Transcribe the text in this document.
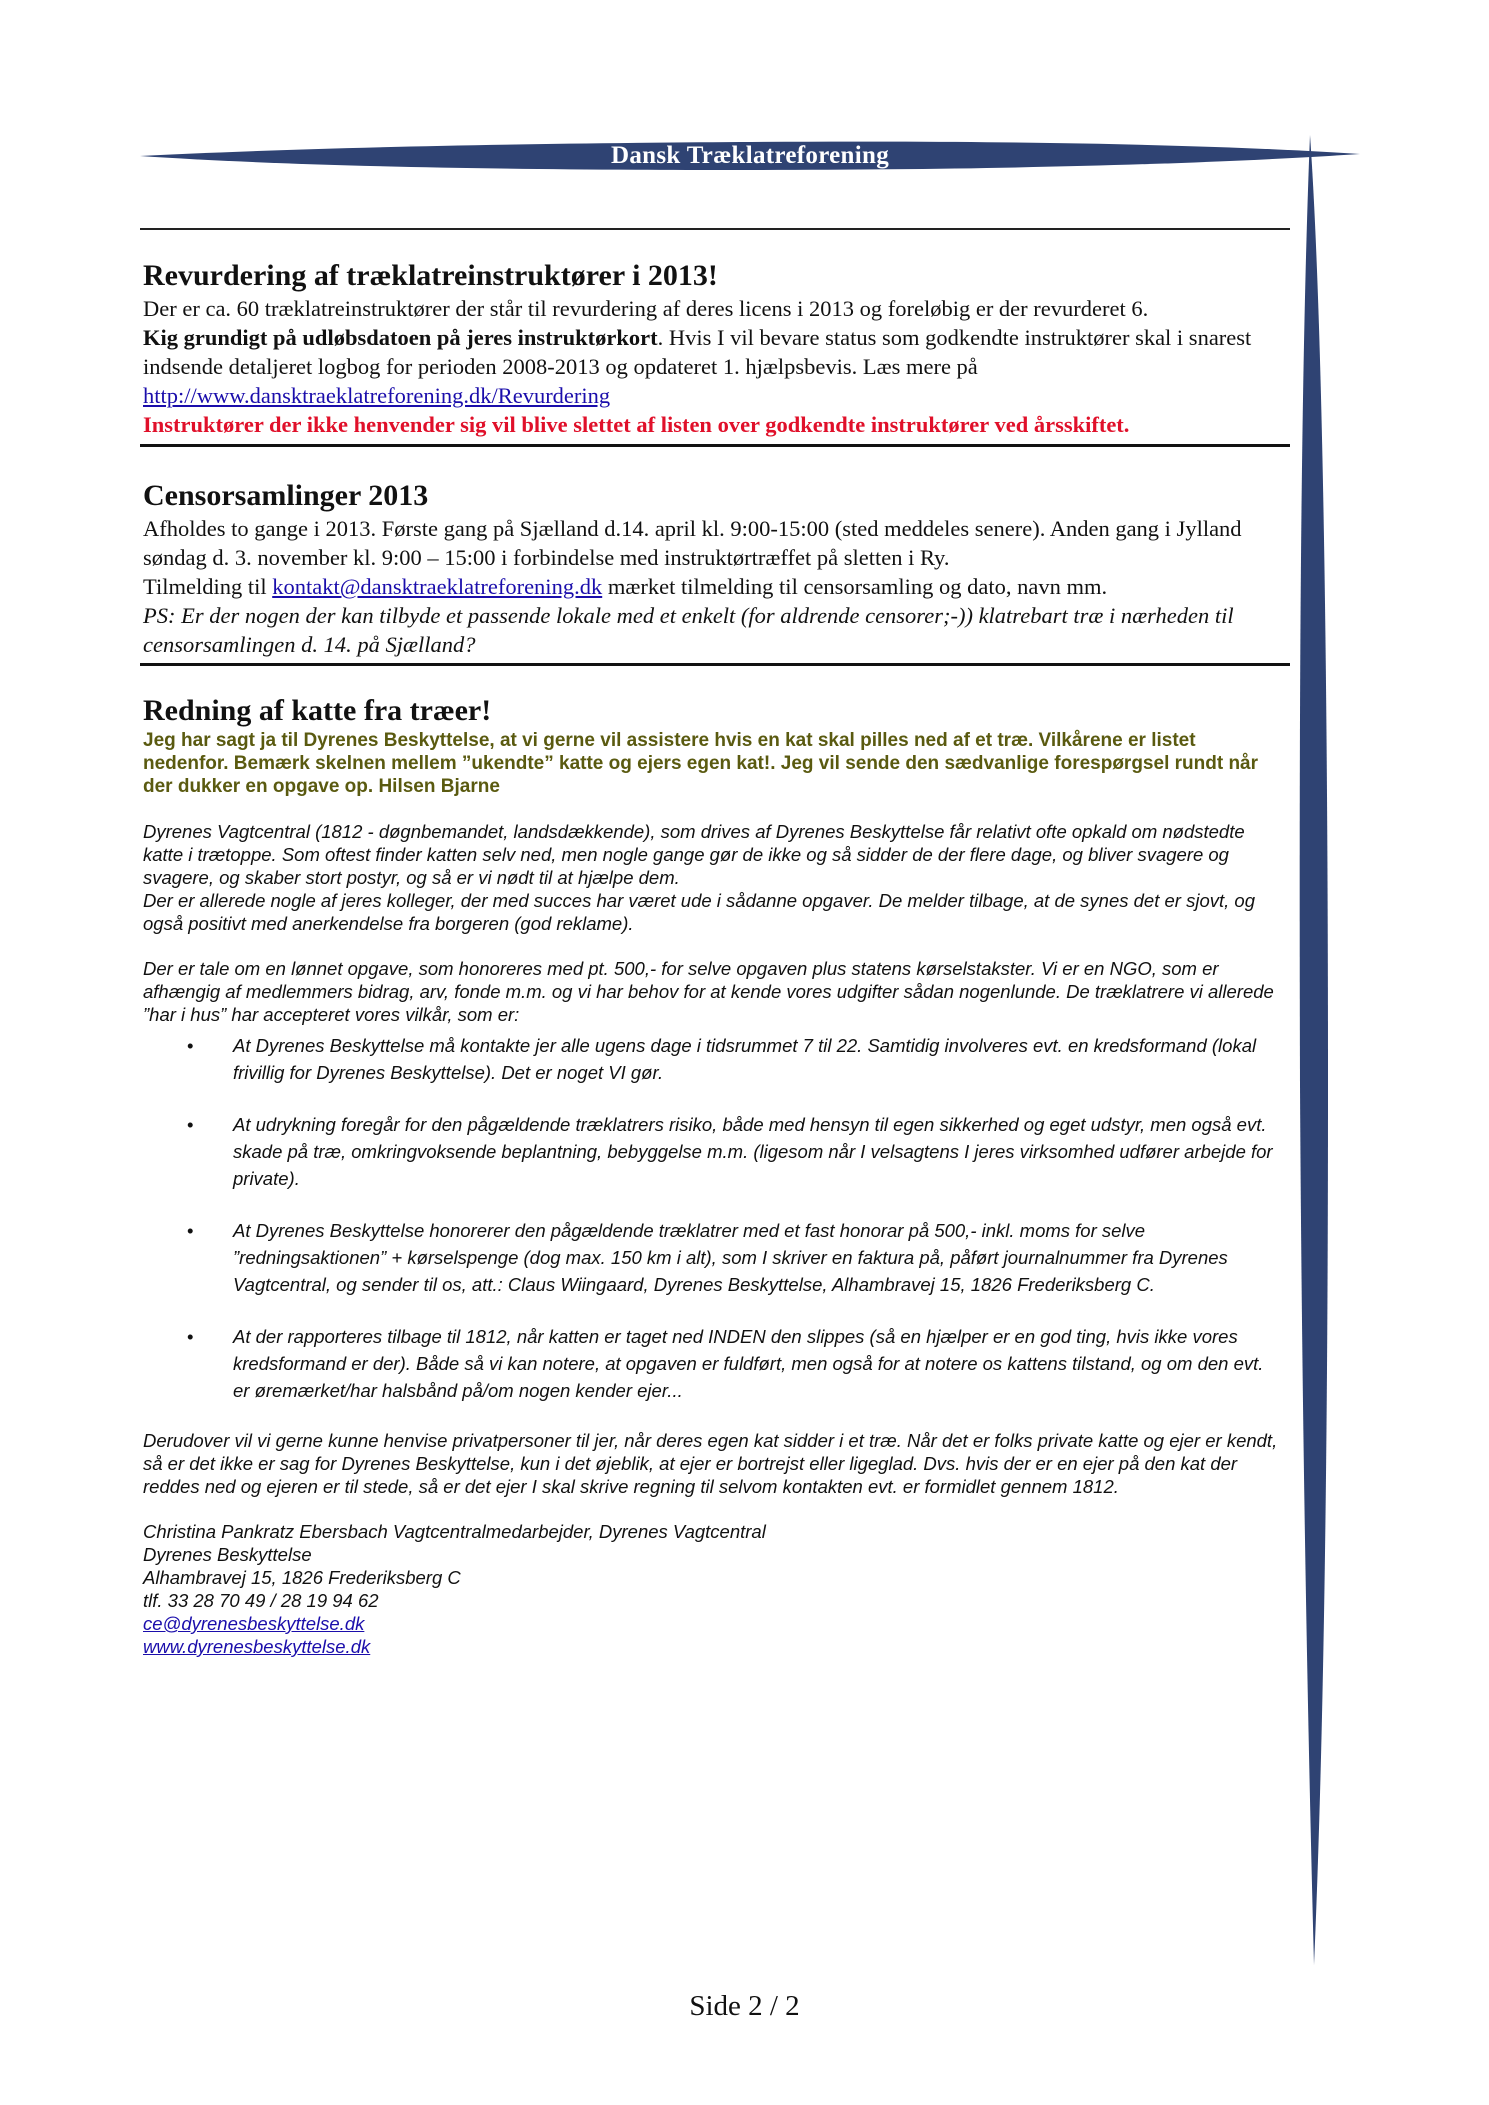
Dansk Træklatreforening
Revurdering af træklatreinstruktører i 2013!

Der er ca. 60 træklatreinstruktører der står til revurdering af deres licens i 2013 og foreløbig er der revurderet 6.

Kig grundigt på udløbsdatoen på jeres instruktørkort. Hvis I vil bevare status som godkendte instruktører skal i snarest indsende detaljeret logbog for perioden 2008-2013 og opdateret 1. hjælpsbevis. Læs mere på

http://www.dansktraeklatreforening.dk/Revurdering

Instruktører der ikke henvender sig vil blive slettet af listen over godkendte instruktører ved årsskiftet.

Censorsamlinger 2013

Afholdes to gange i 2013. Første gang på Sjælland d.14. april kl. 9:00-15:00 (sted meddeles senere). Anden gang i Jylland søndag d. 3. november kl. 9:00 – 15:00 i forbindelse med instruktørtræffet på sletten i Ry.

Tilmelding til kontakt@dansktraeklatreforening.dk mærket tilmelding til censorsamling og dato, navn mm.

PS: Er der nogen der kan tilbyde et passende lokale med et enkelt (for aldrende censorer;-)) klatrebart træ i nærheden til censorsamlingen d. 14. på Sjælland?

Redning af katte fra træer!

Jeg har sagt ja til Dyrenes Beskyttelse, at vi gerne vil assistere hvis en kat skal pilles ned af et træ. Vilkårene er listet nedenfor. Bemærk skelnen mellem ”ukendte” katte og ejers egen kat!. Jeg vil sende den sædvanlige forespørgsel rundt når der dukker en opgave op. Hilsen Bjarne

Dyrenes Vagtcentral (1812 - døgnbemandet, landsdækkende), som drives af Dyrenes Beskyttelse får relativt ofte opkald om nødstedte katte i trætoppe. Som oftest finder katten selv ned, men nogle gange gør de ikke og så sidder de der flere dage, og bliver svagere og svagere, og skaber stort postyr, og så er vi nødt til at hjælpe dem.

Der er allerede nogle af jeres kolleger, der med succes har været ude i sådanne opgaver. De melder tilbage, at de synes det er sjovt, og også positivt med anerkendelse fra borgeren (god reklame).

Der er tale om en lønnet opgave, som honoreres med pt. 500,- for selve opgaven plus statens kørselstakster. Vi er en NGO, som er afhængig af medlemmers bidrag, arv, fonde m.m. og vi har behov for at kende vores udgifter sådan nogenlunde. De træklatrere vi allerede ”har i hus” har accepteret vores vilkår, som er:

• At Dyrenes Beskyttelse må kontakte jer alle ugens dage i tidsrummet 7 til 22. Samtidig involveres evt. en kredsformand (lokal frivillig for Dyrenes Beskyttelse). Det er noget VI gør.
• At udrykning foregår for den pågældende træklatrers risiko, både med hensyn til egen sikkerhed og eget udstyr, men også evt. skade på træ, omkringvoksende beplantning, bebyggelse m.m. (ligesom når I velsagtens I jeres virksomhed udfører arbejde for private).
• At Dyrenes Beskyttelse honorerer den pågældende træklatrer med et fast honorar på 500,- inkl. moms for selve ”redningsaktionen” + kørselspenge (dog max. 150 km i alt), som I skriver en faktura på, påført journalnummer fra Dyrenes Vagtcentral, og sender til os, att.: Claus Wiingaard, Dyrenes Beskyttelse, Alhambravej 15, 1826 Frederiksberg C.
• At der rapporteres tilbage til 1812, når katten er taget ned INDEN den slippes (så en hjælper er en god ting, hvis ikke vores kredsformand er der). Både så vi kan notere, at opgaven er fuldført, men også for at notere os kattens tilstand, og om den evt. er øremærket/har halsbånd på/om nogen kender ejer...

Derudover vil vi gerne kunne henvise privatpersoner til jer, når deres egen kat sidder i et træ. Når det er folks private katte og ejer er kendt, så er det ikke er sag for Dyrenes Beskyttelse, kun i det øjeblik, at ejer er bortrejst eller ligeglad. Dvs. hvis der er en ejer på den kat der reddes ned og ejeren er til stede, så er det ejer I skal skrive regning til selvom kontakten evt. er formidlet gennem 1812.

Christina Pankratz Ebersbach Vagtcentralmedarbejder, Dyrenes Vagtcentral

Dyrenes Beskyttelse

Alhambravej 15, 1826 Frederiksberg C

tlf. 33 28 70 49 / 28 19 94 62

ce@dyrenesbeskyttelse.dk

www.dyrenesbeskyttelse.dk

Side 2 / 2
